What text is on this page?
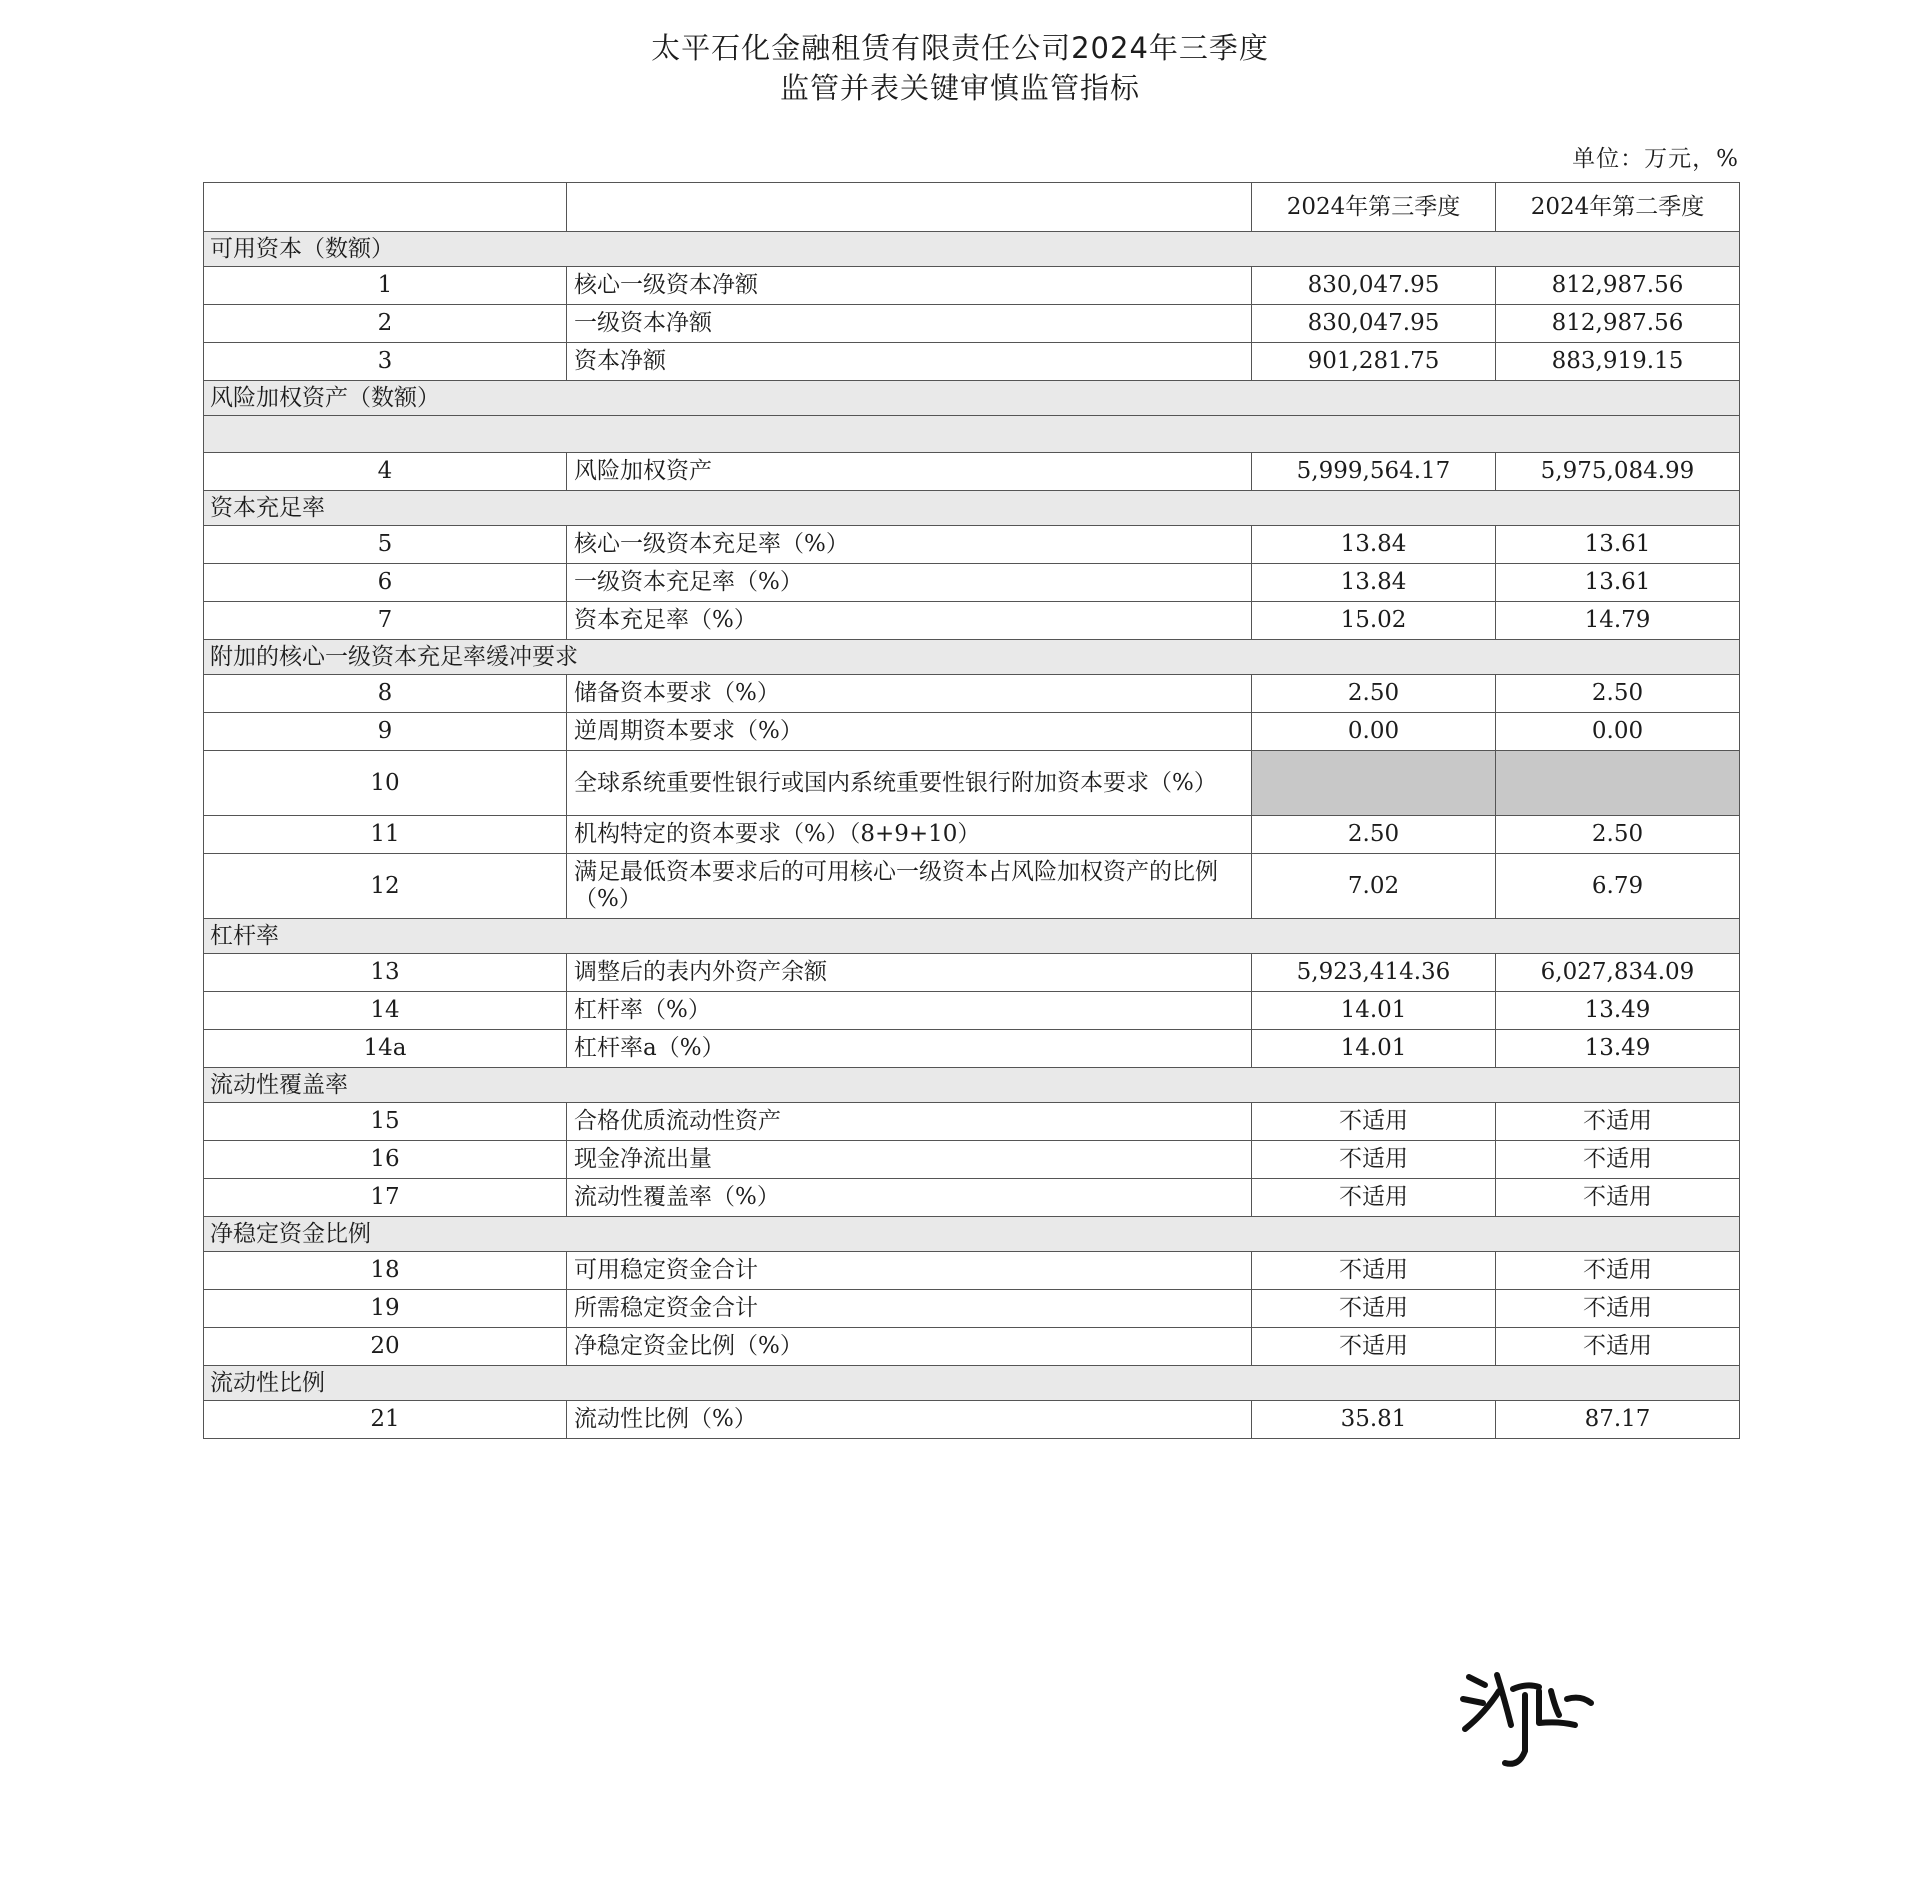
太平石化金融租赁有限责任公司2024年三季度
监管并表关键审慎监管指标
单位：万元，%
		2024年第三季度	2024年第二季度
可用资本（数额）			
1	核心一级资本净额	830,047.95	812,987.56
2	一级资本净额	830,047.95	812,987.56
3	资本净额	901,281.75	883,919.15
风险加权资产（数额）			

4	风险加权资产	5,999,564.17	5,975,084.99
资本充足率			
5	核心一级资本充足率（%）	13.84	13.61
6	一级资本充足率（%）	13.84	13.61
7	资本充足率（%）	15.02	14.79
附加的核心一级资本充足率缓冲要求			
8	储备资本要求（%）	2.50	2.50
9	逆周期资本要求（%）	0.00	0.00
10	全球系统重要性银行或国内系统重要性银行附加资本要求（%）		
11	机构特定的资本要求（%）（8+9+10）	2.50	2.50
12	满足最低资本要求后的可用核心一级资本占风险加权资产的比例（%）	7.02	6.79
杠杆率			
13	调整后的表内外资产余额	5,923,414.36	6,027,834.09
14	杠杆率（%）	14.01	13.49
14a	杠杆率a（%）	14.01	13.49
流动性覆盖率			
15	合格优质流动性资产	不适用	不适用
16	现金净流出量	不适用	不适用
17	流动性覆盖率（%）	不适用	不适用
净稳定资金比例			
18	可用稳定资金合计	不适用	不适用
19	所需稳定资金合计	不适用	不适用
20	净稳定资金比例（%）	不适用	不适用
流动性比例			
21	流动性比例（%）	35.81	87.17
